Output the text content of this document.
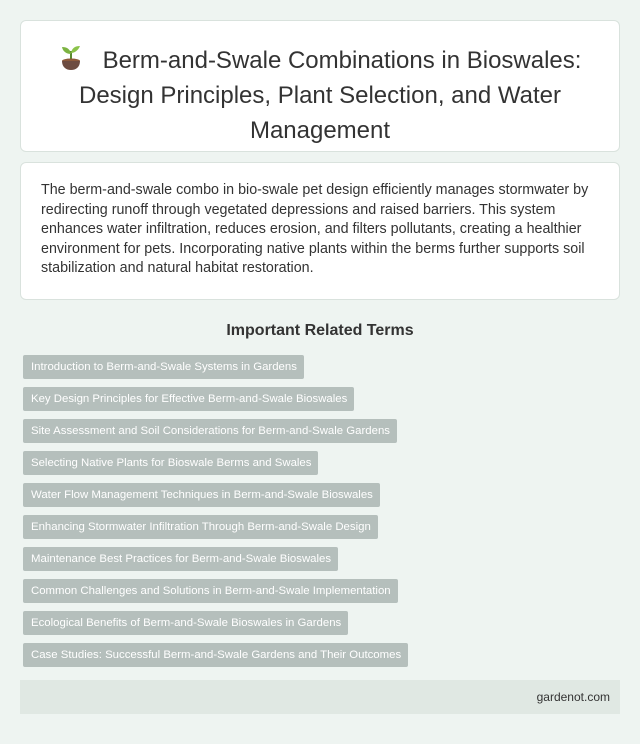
Berm-and-Swale Combinations in Bioswales: Design Principles, Plant Selection, and Water Management

The berm-and-swale combo in bio-swale pet design efficiently manages stormwater by redirecting runoff through vegetated depressions and raised barriers. This system enhances water infiltration, reduces erosion, and filters pollutants, creating a healthier environment for pets. Incorporating native plants within the berms further supports soil stabilization and natural habitat restoration.

Important Related Terms
Introduction to Berm-and-Swale Systems in Gardens
Key Design Principles for Effective Berm-and-Swale Bioswales
Site Assessment and Soil Considerations for Berm-and-Swale Gardens
Selecting Native Plants for Bioswale Berms and Swales
Water Flow Management Techniques in Berm-and-Swale Bioswales
Enhancing Stormwater Infiltration Through Berm-and-Swale Design
Maintenance Best Practices for Berm-and-Swale Bioswales
Common Challenges and Solutions in Berm-and-Swale Implementation
Ecological Benefits of Berm-and-Swale Bioswales in Gardens
Case Studies: Successful Berm-and-Swale Gardens and Their Outcomes
gardenot.com
